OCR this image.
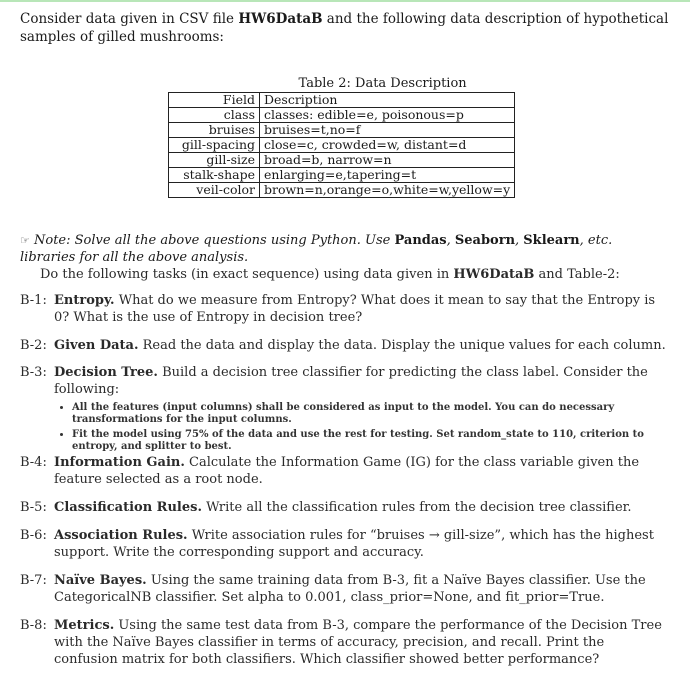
Consider data given in CSV file HW6DataB and the following data description of hypothetical samples of gilled mushrooms:

Table 2: Data Description
Field	Description
class	classes: edible=e, poisonous=p
bruises	bruises=t,no=f
gill-spacing	close=c, crowded=w, distant=d
gill-size	broad=b, narrow=n
stalk-shape	enlarging=e,tapering=t
veil-color	brown=n,orange=o,white=w,yellow=y

☞ Note: Solve all the above questions using Python. Use Pandas, Seaborn, Sklearn, etc. libraries for all the above analysis.

Do the following tasks (in exact sequence) using data given in HW6DataB and Table-2:

B-1: Entropy. What do we measure from Entropy? What does it mean to say that the Entropy is 0? What is the use of Entropy in decision tree?
B-2: Given Data. Read the data and display the data. Display the unique values for each column.
B-3: Decision Tree. Build a decision tree classifier for predicting the class label. Consider the following:
• All the features (input columns) shall be considered as input to the model. You can do necessary transformations for the input columns.
• Fit the model using 75% of the data and use the rest for testing. Set random_state to 110, criterion to entropy, and splitter to best.
B-4: Information Gain. Calculate the Information Game (IG) for the class variable given the feature selected as a root node.
B-5: Classification Rules. Write all the classification rules from the decision tree classifier.
B-6: Association Rules. Write association rules for “bruises → gill-size”, which has the highest support. Write the corresponding support and accuracy.
B-7: Naïve Bayes. Using the same training data from B-3, fit a Naïve Bayes classifier. Use the CategoricalNB classifier. Set alpha to 0.001, class_prior=None, and fit_prior=True.
B-8: Metrics. Using the same test data from B-3, compare the performance of the Decision Tree with the Naïve Bayes classifier in terms of accuracy, precision, and recall. Print the confusion matrix for both classifiers. Which classifier showed better performance?
